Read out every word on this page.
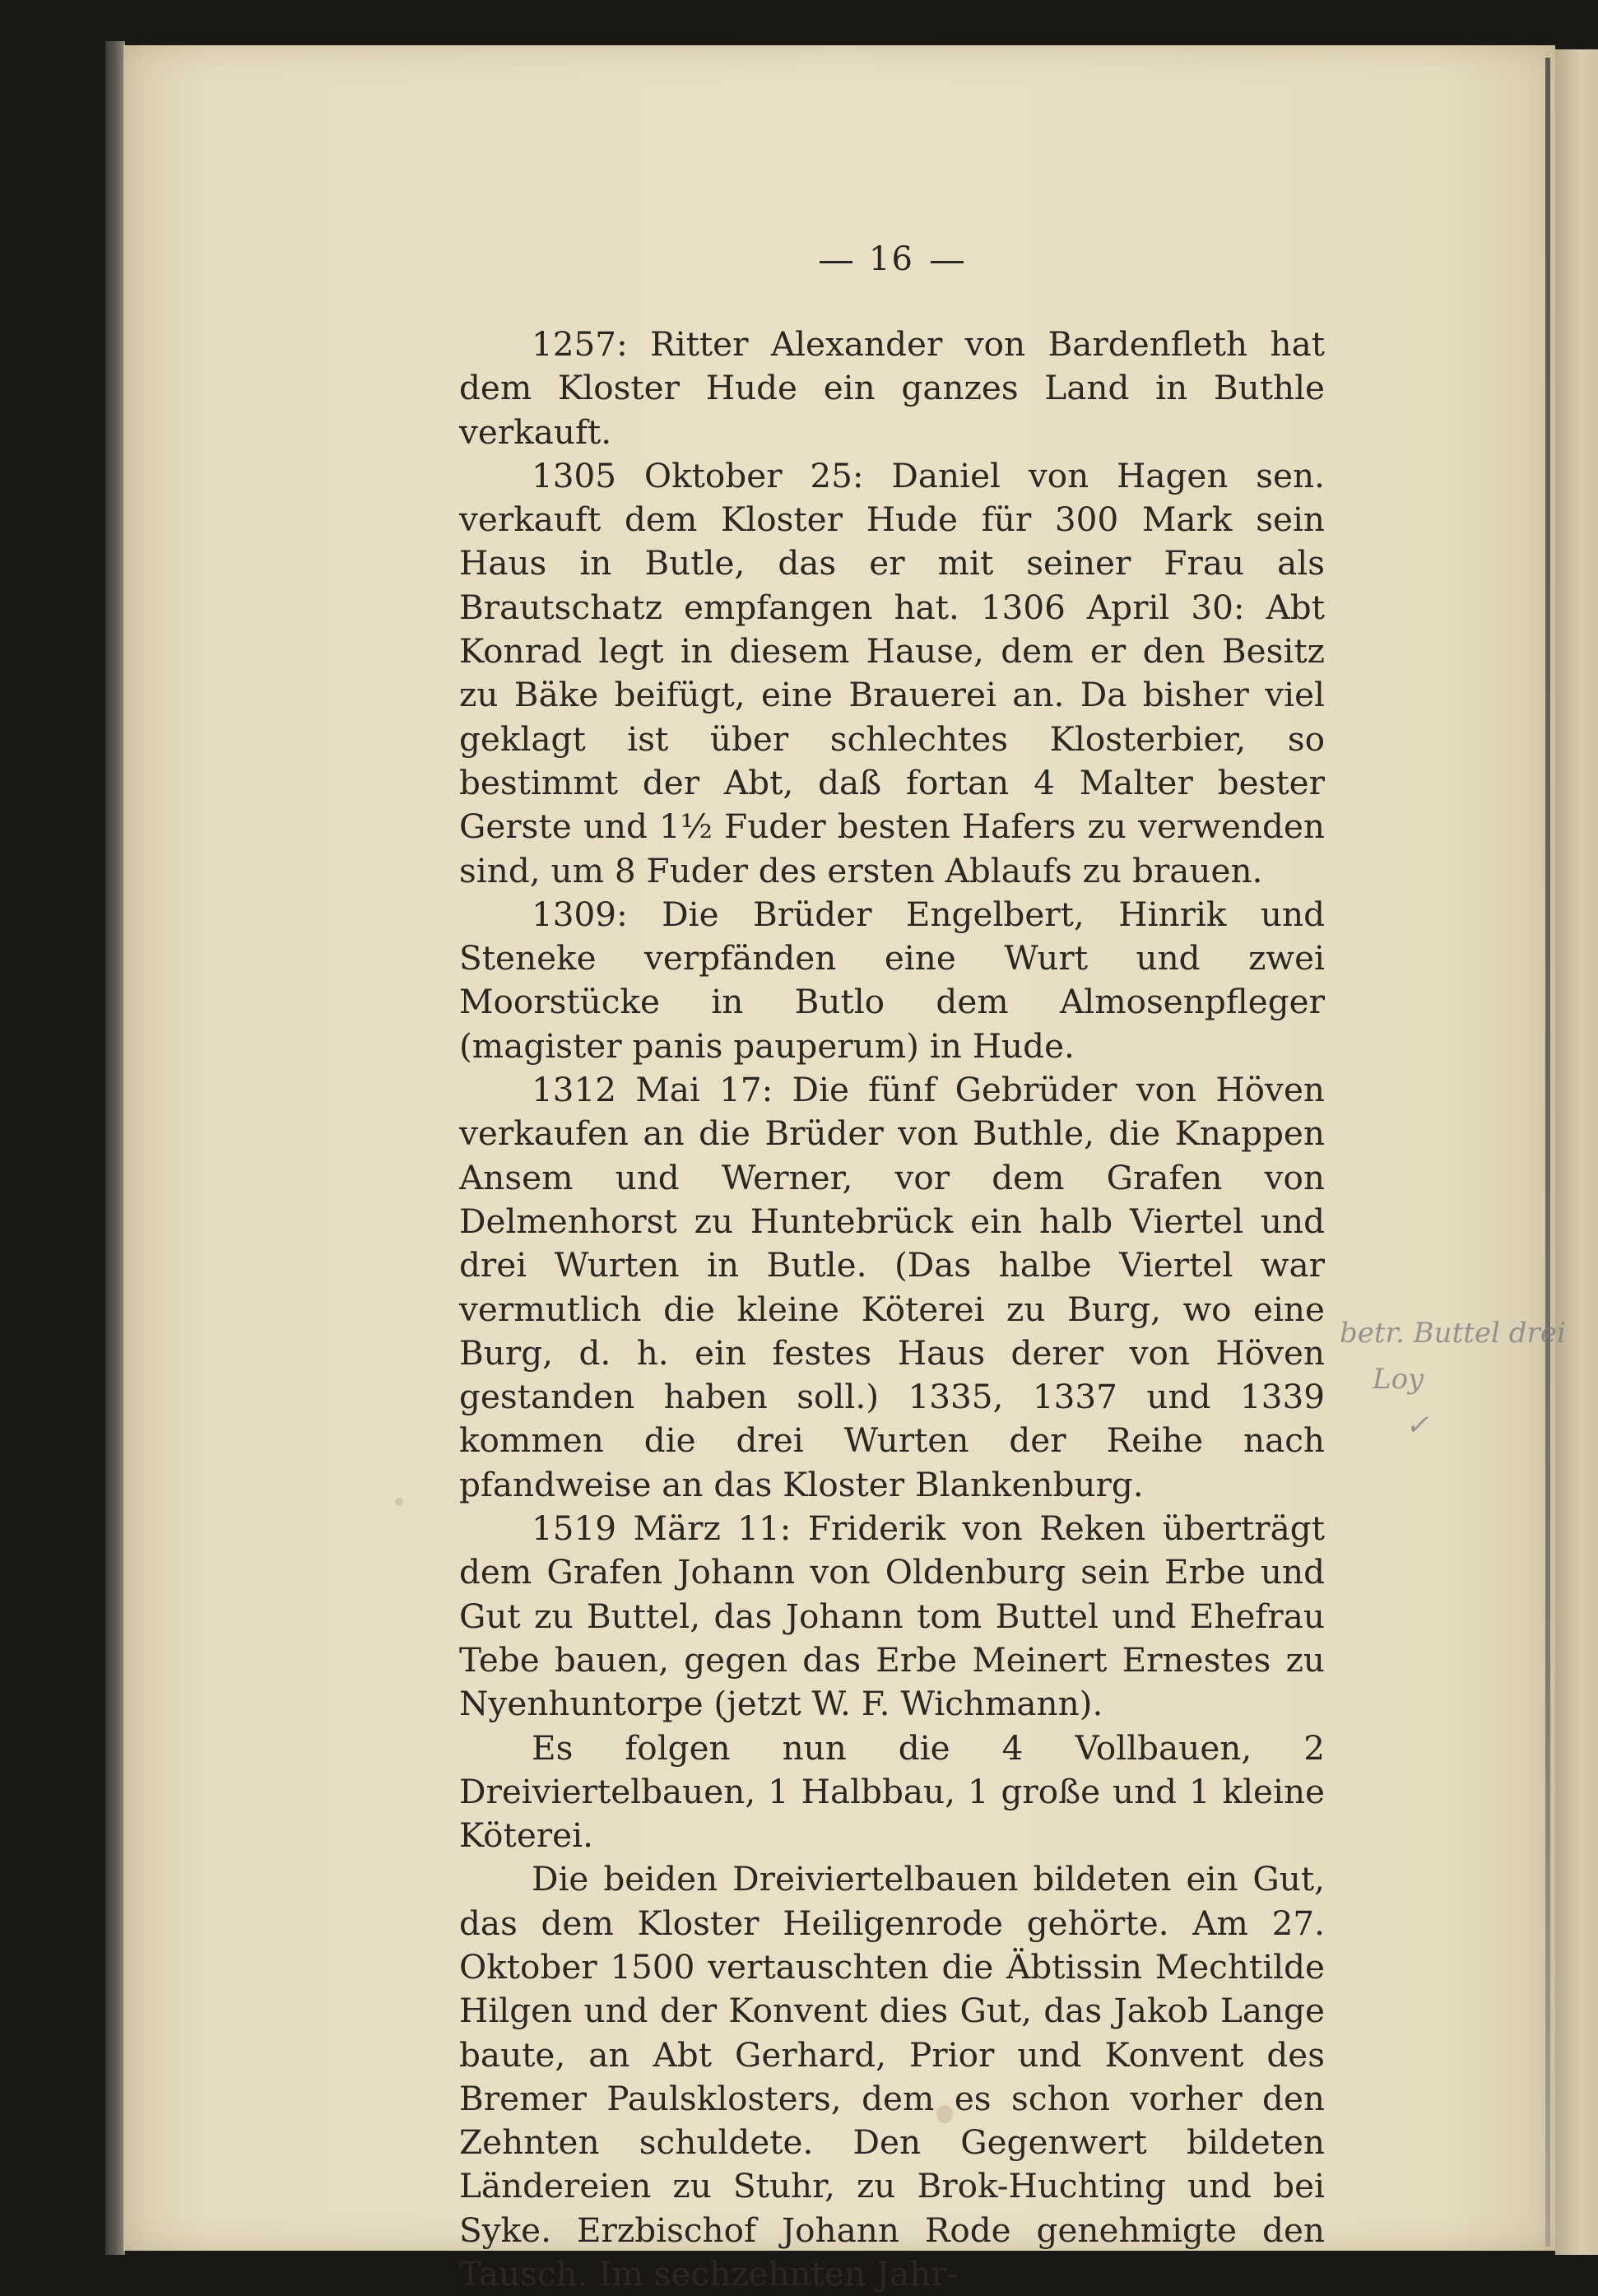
16

1257: Ritter Alexander von Bardenfleth hat dem Kloster Hude ein ganzes Land in Buthle verkauft.

1305 Oktober 25: Daniel von Hagen sen. verkauft dem Kloster Hude für 300 Mark sein Haus in Butle, das er mit seiner Frau als Brautschatz empfangen hat. 1306 April 30: Abt Konrad legt in diesem Hause, dem er den Besitz zu Bäke beifügt, eine Brauerei an. Da bisher viel geklagt ist über schlechtes Klosterbier, so bestimmt der Abt, daß fortan 4 Malter bester Gerste und 1½ Fuder besten Hafers zu verwenden sind, um 8 Fuder des ersten Ablaufs zu brauen.

1309: Die Brüder Engelbert, Hinrik und Steneke verpfänden eine Wurt und zwei Moorstücke in Butlo dem Almosenpfleger (magister panis pauperum) in Hude.

1312 Mai 17: Die fünf Gebrüder von Höven verkaufen an die Brüder von Buthle, die Knappen Ansem und Werner, vor dem Grafen von Delmenhorst zu Huntebrück ein halb Viertel und drei Wurten in Butle. (Das halbe Viertel war vermutlich die kleine Köterei zu Burg, wo eine Burg, d. h. ein festes Haus derer von Höven gestanden haben soll.) 1335, 1337 und 1339 kommen die drei Wurten der Reihe nach pfandweise an das Kloster Blankenburg.

1519 März 11: Friderik von Reken überträgt dem Grafen Johann von Oldenburg sein Erbe und Gut zu Buttel, das Johann tom Buttel und Ehefrau Tebe bauen, gegen das Erbe Meinert Ernestes zu Nyenhuntorpe (jetzt W. F. Wichmann).

Es folgen nun die 4 Vollbauen, 2 Dreiviertelbauen, 1 Halbbau, 1 große und 1 kleine Köterei.

Die beiden Dreiviertelbauen bildeten ein Gut, das dem Kloster Heiligenrode gehörte. Am 27. Oktober 1500 vertauschten die Äbtissin Mechtilde Hilgen und der Konvent dies Gut, das Jakob Lange baute, an Abt Gerhard, Prior und Konvent des Bremer Paulsklosters, dem es schon vorher den Zehnten schuldete. Den Gegenwert bildeten Ländereien zu Stuhr, zu Brok-Huchting und bei Syke. Erzbischof Johann Rode genehmigte den Tausch. Im sechzehnten Jahr-

betr. Buttel drei
Loy
✓
